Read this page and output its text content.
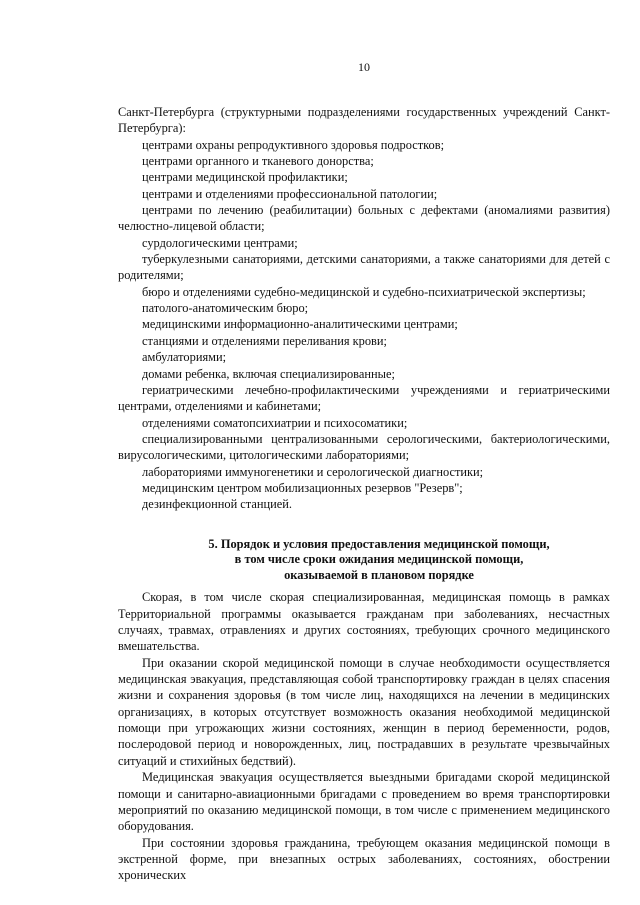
10

Санкт-Петербурга (структурными подразделениями государственных учреждений Санкт-Петербурга):

центрами охраны репродуктивного здоровья подростков;
центрами органного и тканевого донорства;
центрами медицинской профилактики;
центрами и отделениями профессиональной патологии;
центрами по лечению (реабилитации) больных с дефектами (аномалиями развития) челюстно-лицевой области;
сурдологическими центрами;
туберкулезными санаториями, детскими санаториями, а также санаториями для детей с родителями;
бюро и отделениями судебно-медицинской и судебно-психиатрической экспертизы;
патолого-анатомическим бюро;
медицинскими информационно-аналитическими центрами;
станциями и отделениями переливания крови;
амбулаториями;
домами ребенка, включая специализированные;
гериатрическими лечебно-профилактическими учреждениями и гериатрическими центрами, отделениями и кабинетами;
отделениями соматопсихиатрии и психосоматики;
специализированными централизованными серологическими, бактериологическими, вирусологическими, цитологическими лабораториями;
лабораториями иммуногенетики и серологической диагностики;
медицинским центром мобилизационных резервов "Резерв";
дезинфекционной станцией.
5. Порядок и условия предоставления медицинской помощи,
в том числе сроки ожидания медицинской помощи,
оказываемой в плановом порядке

Скорая, в том числе скорая специализированная, медицинская помощь в рамках Территориальной программы оказывается гражданам при заболеваниях, несчастных случаях, травмах, отравлениях и других состояниях, требующих срочного медицинского вмешательства.

При оказании скорой медицинской помощи в случае необходимости осуществляется медицинская эвакуация, представляющая собой транспортировку граждан в целях спасения жизни и сохранения здоровья (в том числе лиц, находящихся на лечении в медицинских организациях, в которых отсутствует возможность оказания необходимой медицинской помощи при угрожающих жизни состояниях, женщин в период беременности, родов, послеродовой период и новорожденных, лиц, пострадавших в результате чрезвычайных ситуаций и стихийных бедствий).

Медицинская эвакуация осуществляется выездными бригадами скорой медицинской помощи и санитарно-авиационными бригадами с проведением во время транспортировки мероприятий по оказанию медицинской помощи, в том числе с применением медицинского оборудования.

При состоянии здоровья гражданина, требующем оказания медицинской помощи в экстренной форме, при внезапных острых заболеваниях, состояниях, обострении хронических
